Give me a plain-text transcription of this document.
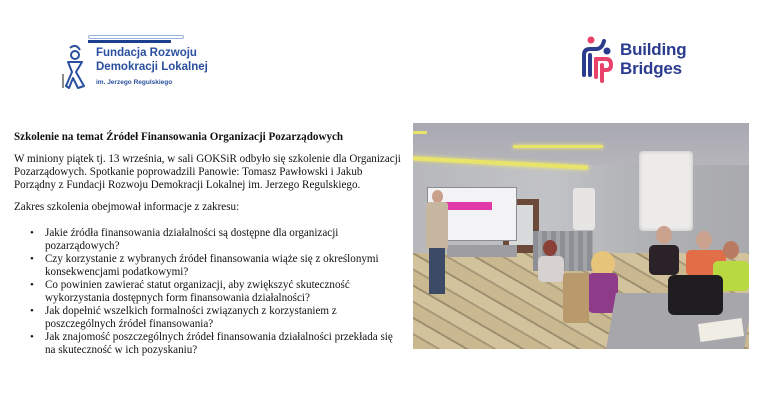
Fundacja Rozwoju
Demokracji Lokalnej
im. Jerzego Regulskiego
Building
Bridges
Szkolenie na temat Źródeł Finansowania Organizacji Pozarządowych

W miniony piątek tj. 13 września, w sali GOKSiR odbyło się szkolenie dla Organizacji Pozarządowych. Spotkanie poprowadzili Panowie: Tomasz Pawłowski i Jakub Porządny z Fundacji Rozwoju Demokracji Lokalnej im. Jerzego Regulskiego.

Zakres szkolenia obejmował informacje z zakresu:

• Jakie źródła finansowania działalności są dostępne dla organizacji pozarządowych?
• Czy korzystanie z wybranych źródeł finansowania wiąże się z określonymi konsekwencjami podatkowymi?
• Co powinien zawierać statut organizacji, aby zwiększyć skuteczność wykorzystania dostępnych form finansowania działalności?
• Jak dopełnić wszelkich formalności związanych z korzystaniem z poszczególnych źródeł finansowania?
• Jak znajomość poszczególnych źródeł finansowania działalności przekłada się na skuteczność w ich pozyskaniu?
